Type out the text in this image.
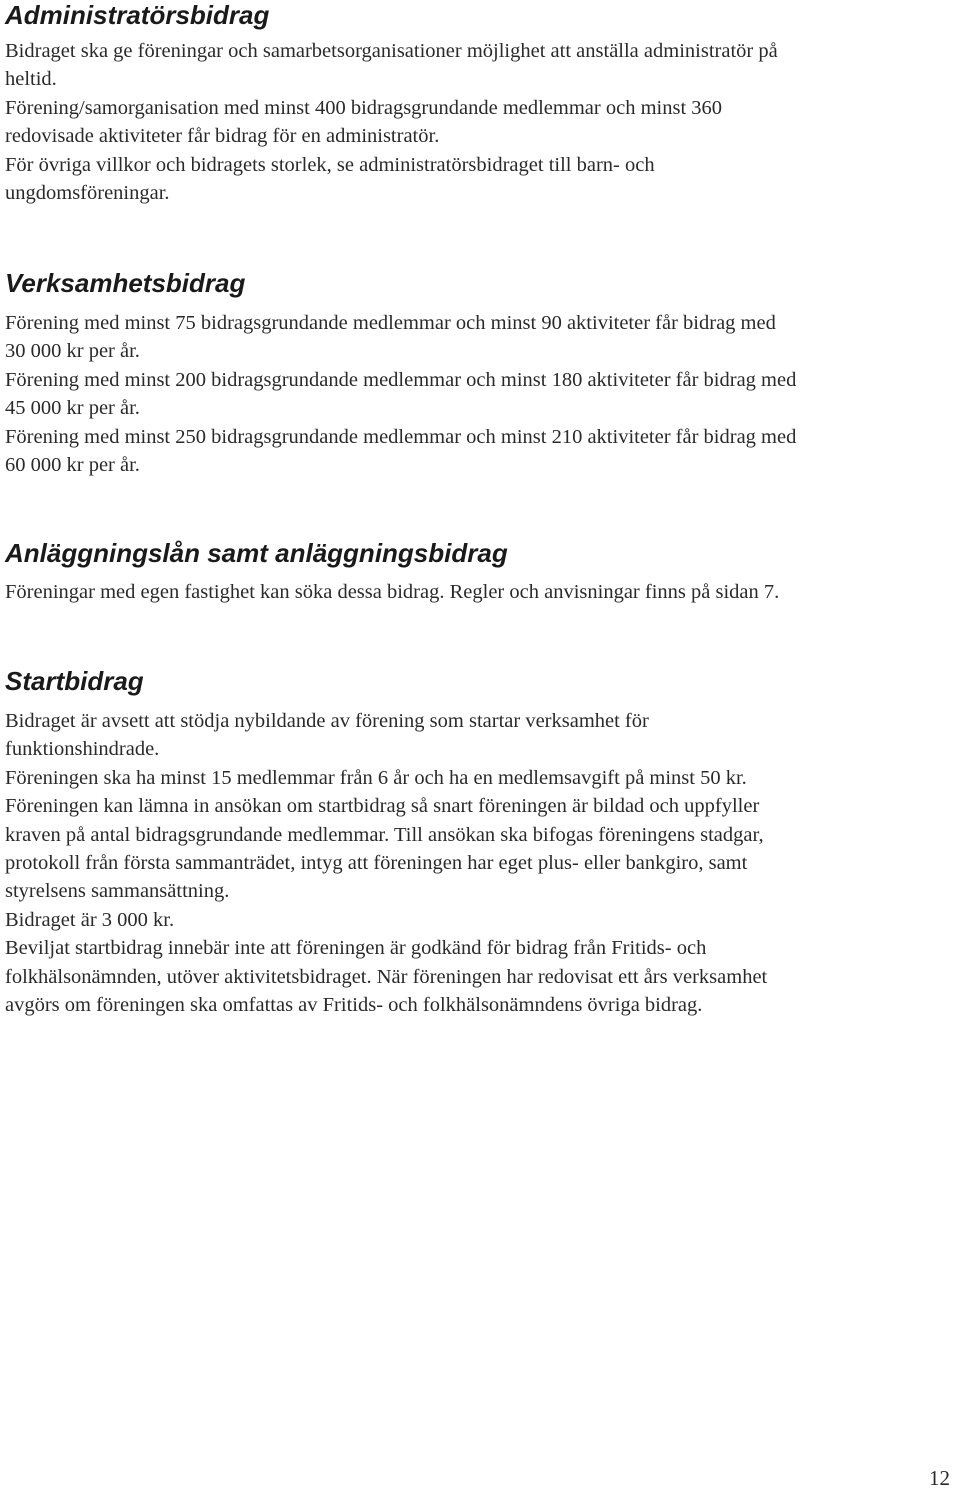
Administratörsbidrag

Bidraget ska ge föreningar och samarbetsorganisationer möjlighet att anställa administratör på

heltid.

Förening/samorganisation med minst 400 bidragsgrundande medlemmar och minst 360

redovisade aktiviteter får bidrag för en administratör.

För övriga villkor och bidragets storlek, se administratörsbidraget till barn- och

ungdomsföreningar.

Verksamhetsbidrag

Förening med minst 75 bidragsgrundande medlemmar och minst 90 aktiviteter får bidrag med

30 000 kr per år.

Förening med minst 200 bidragsgrundande medlemmar och minst 180 aktiviteter får bidrag med

45 000 kr per år.

Förening med minst 250 bidragsgrundande medlemmar och minst 210 aktiviteter får bidrag med

60 000 kr per år.

Anläggningslån samt anläggningsbidrag

Föreningar med egen fastighet kan söka dessa bidrag. Regler och anvisningar finns på sidan 7.

Startbidrag

Bidraget är avsett att stödja nybildande av förening som startar verksamhet för

funktionshindrade.

Föreningen ska ha minst 15 medlemmar från 6 år och ha en medlemsavgift på minst 50 kr.

Föreningen kan lämna in ansökan om startbidrag så snart föreningen är bildad och uppfyller

kraven på antal bidragsgrundande medlemmar. Till ansökan ska bifogas föreningens stadgar,

protokoll från första sammanträdet, intyg att föreningen har eget plus- eller bankgiro, samt

styrelsens sammansättning.

Bidraget är 3 000 kr.

Beviljat startbidrag innebär inte att föreningen är godkänd för bidrag från Fritids- och

folkhälsonämnden, utöver aktivitetsbidraget. När föreningen har redovisat ett års verksamhet

avgörs om föreningen ska omfattas av Fritids- och folkhälsonämndens övriga bidrag.

12
